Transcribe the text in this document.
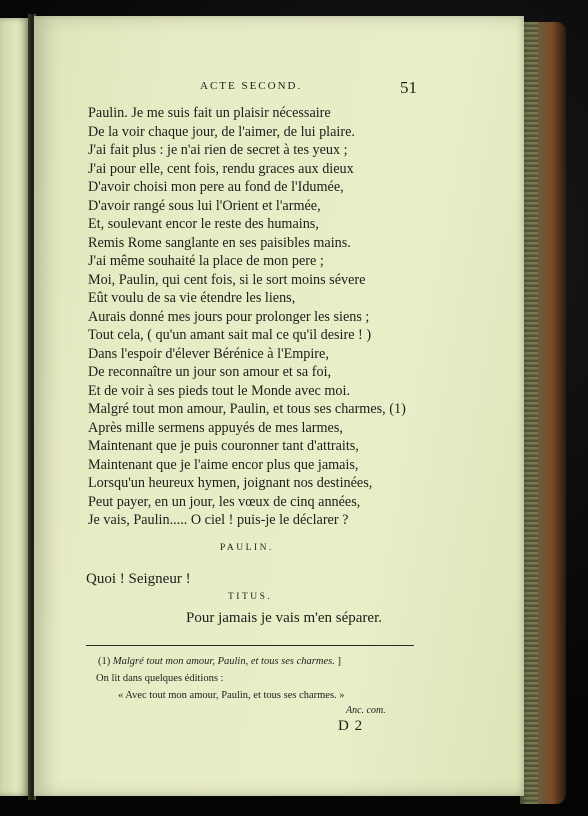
ACTE SECOND.	51
Paulin. Je me suis fait un plaisir nécessaire
De la voir chaque jour, de l'aimer, de lui plaire.
J'ai fait plus : je n'ai rien de secret à tes yeux ;
J'ai pour elle, cent fois, rendu graces aux dieux
D'avoir choisi mon pere au fond de l'Idumée,
D'avoir rangé sous lui l'Orient et l'armée,
Et, soulevant encor le reste des humains,
Remis Rome sanglante en ses paisibles mains.
J'ai même souhaité la place de mon pere ;
Moi, Paulin, qui cent fois, si le sort moins sévere
Eût voulu de sa vie étendre les liens,
Aurais donné mes jours pour prolonger les siens ;
Tout cela, ( qu'un amant sait mal ce qu'il desire ! )
Dans l'espoir d'élever Bérénice à l'Empire,
De reconnaître un jour son amour et sa foi,
Et de voir à ses pieds tout le Monde avec moi.
Malgré tout mon amour, Paulin, et tous ses charmes, (1)
Après mille sermens appuyés de mes larmes,
Maintenant que je puis couronner tant d'attraits,
Maintenant que je l'aime encor plus que jamais,
Lorsqu'un heureux hymen, joignant nos destinées,
Peut payer, en un jour, les vœux de cinq années,
Je vais, Paulin..... O ciel ! puis-je le déclarer ?
PAULIN.
Quoi ! Seigneur !
TITUS.
Pour jamais je vais m'en séparer.
(1) Malgré tout mon amour, Paulin, et tous ses charmes. ]
On lit dans quelques éditions :
« Avec tout mon amour, Paulin, et tous ses charmes. »
Anc. com.
D 2
